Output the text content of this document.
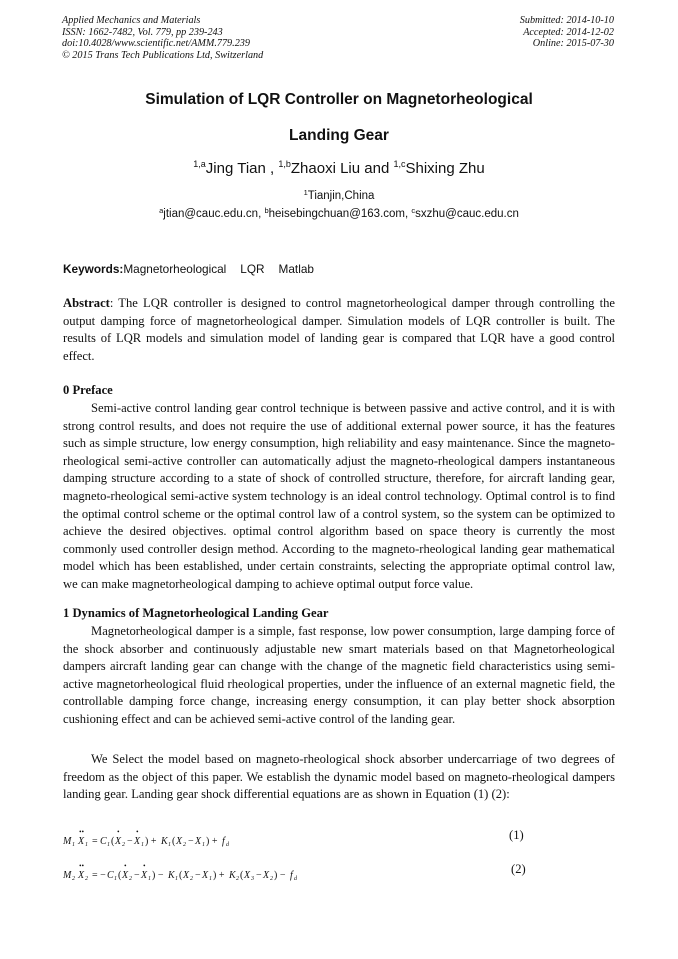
Applied Mechanics and Materials
ISSN: 1662-7482, Vol. 779, pp 239-243
doi:10.4028/www.scientific.net/AMM.779.239
© 2015 Trans Tech Publications Ltd, Switzerland
Submitted: 2014-10-10
Accepted: 2014-12-02
Online: 2015-07-30
Simulation of LQR Controller on Magnetorheological
Landing Gear
$^{1,a}$Jing Tian , $^{1,b}$Zhaoxi Liu and $^{1,c}$Shixing Zhu
$^1$Tianjin,China
$^a$jtian@cauc.edu.cn, $^b$heisebingchuan@163.com, $^c$sxzhu@cauc.edu.cn
Keywords:Magnetorheological LQR Matlab
Abstract: The LQR controller is designed to control magnetorheological damper through controlling the output damping force of magnetorheological damper. Simulation models of LQR controller is built. The results of LQR models and simulation model of landing gear is compared that LQR have a good control effect.
0 Preface
Semi-active control landing gear control technique is between passive and active control, and it is with strong control results, and does not require the use of additional external power source, it has the features such as simple structure, low energy consumption, high reliability and easy maintenance. Since the magneto-rheological semi-active controller can automatically adjust the magneto-rheological dampers instantaneous damping structure according to a state of shock of controlled structure, therefore, for aircraft landing gear, magneto-rheological semi-active system technology is an ideal control technology. Optimal control is to find the optimal control scheme or the optimal control law of a control system, so the system can be optimized to achieve the desired objectives. optimal control algorithm based on space theory is currently the most commonly used controller design method. According to the magneto-rheological landing gear mathematical model which has been established, under certain constraints, selecting the appropriate optimal control law, we can make magnetorheological damping to achieve optimal output force value.
1 Dynamics of Magnetorheological Landing Gear
Magnetorheological damper is a simple, fast response, low power consumption, large damping force of the shock absorber and continuously adjustable new smart materials based on that Magnetorheological dampers aircraft landing gear can change with the change of the magnetic field characteristics using semi-active magnetorheological fluid rheological properties, under the influence of an external magnetic field, the controllable damping force change, increasing energy consumption, it can play better shock absorption cushioning effect and can be achieved semi-active control of the landing gear.
We Select the model based on magneto-rheological shock absorber undercarriage of two degrees of freedom as the object of this paper. We establish the dynamic model based on magneto-rheological dampers landing gear. Landing gear shock differential equations are as shown in Equation (1) (2):
M 1 X
••
1 = C 1 ( X
•
2 − X
•
1 ) + K 1 ( X 2 − X 1 ) + f d
(1)
M 2 X
••
2 = − C 1 ( X
•
2 − X
•
1 ) − K 1 ( X 2 − X 1 ) + K 2 ( X 3 − X 2 ) − f d
(2)
